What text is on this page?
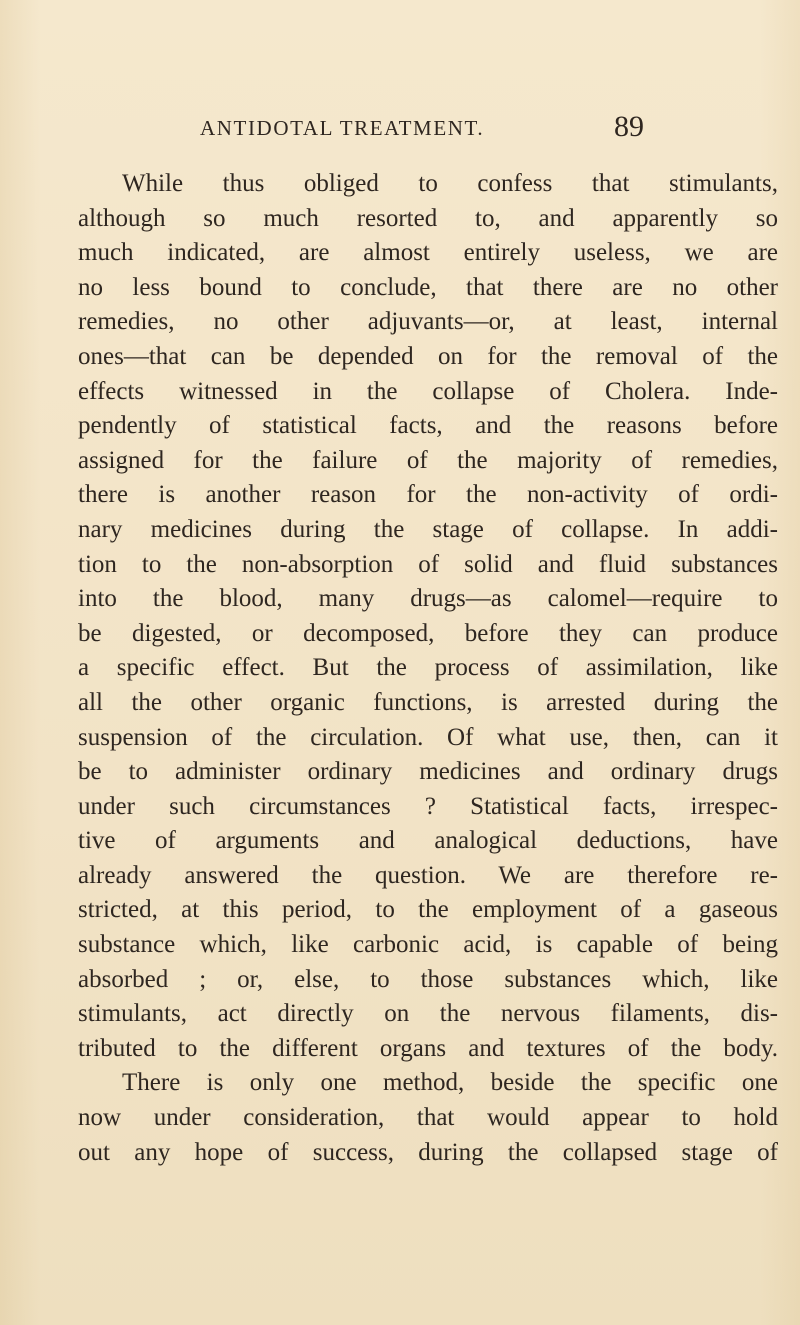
ANTIDOTAL TREATMENT.	89
While thus obliged to confess that stimulants,
although so much resorted to, and apparently so
much indicated, are almost entirely useless, we are
no less bound to conclude, that there are no other
remedies, no other adjuvants—or, at least, internal
ones—that can be depended on for the removal of the
effects witnessed in the collapse of Cholera. Inde-
pendently of statistical facts, and the reasons before
assigned for the failure of the majority of remedies,
there is another reason for the non-activity of ordi-
nary medicines during the stage of collapse. In addi-
tion to the non-absorption of solid and fluid substances
into the blood, many drugs—as calomel—require to
be digested, or decomposed, before they can produce
a specific effect. But the process of assimilation, like
all the other organic functions, is arrested during the
suspension of the circulation. Of what use, then, can it
be to administer ordinary medicines and ordinary drugs
under such circumstances ? Statistical facts, irrespec-
tive of arguments and analogical deductions, have
already answered the question. We are therefore re-
stricted, at this period, to the employment of a gaseous
substance which, like carbonic acid, is capable of being
absorbed ; or, else, to those substances which, like
stimulants, act directly on the nervous filaments, dis-
tributed to the different organs and textures of the body.
There is only one method, beside the specific one
now under consideration, that would appear to hold
out any hope of success, during the collapsed stage of
